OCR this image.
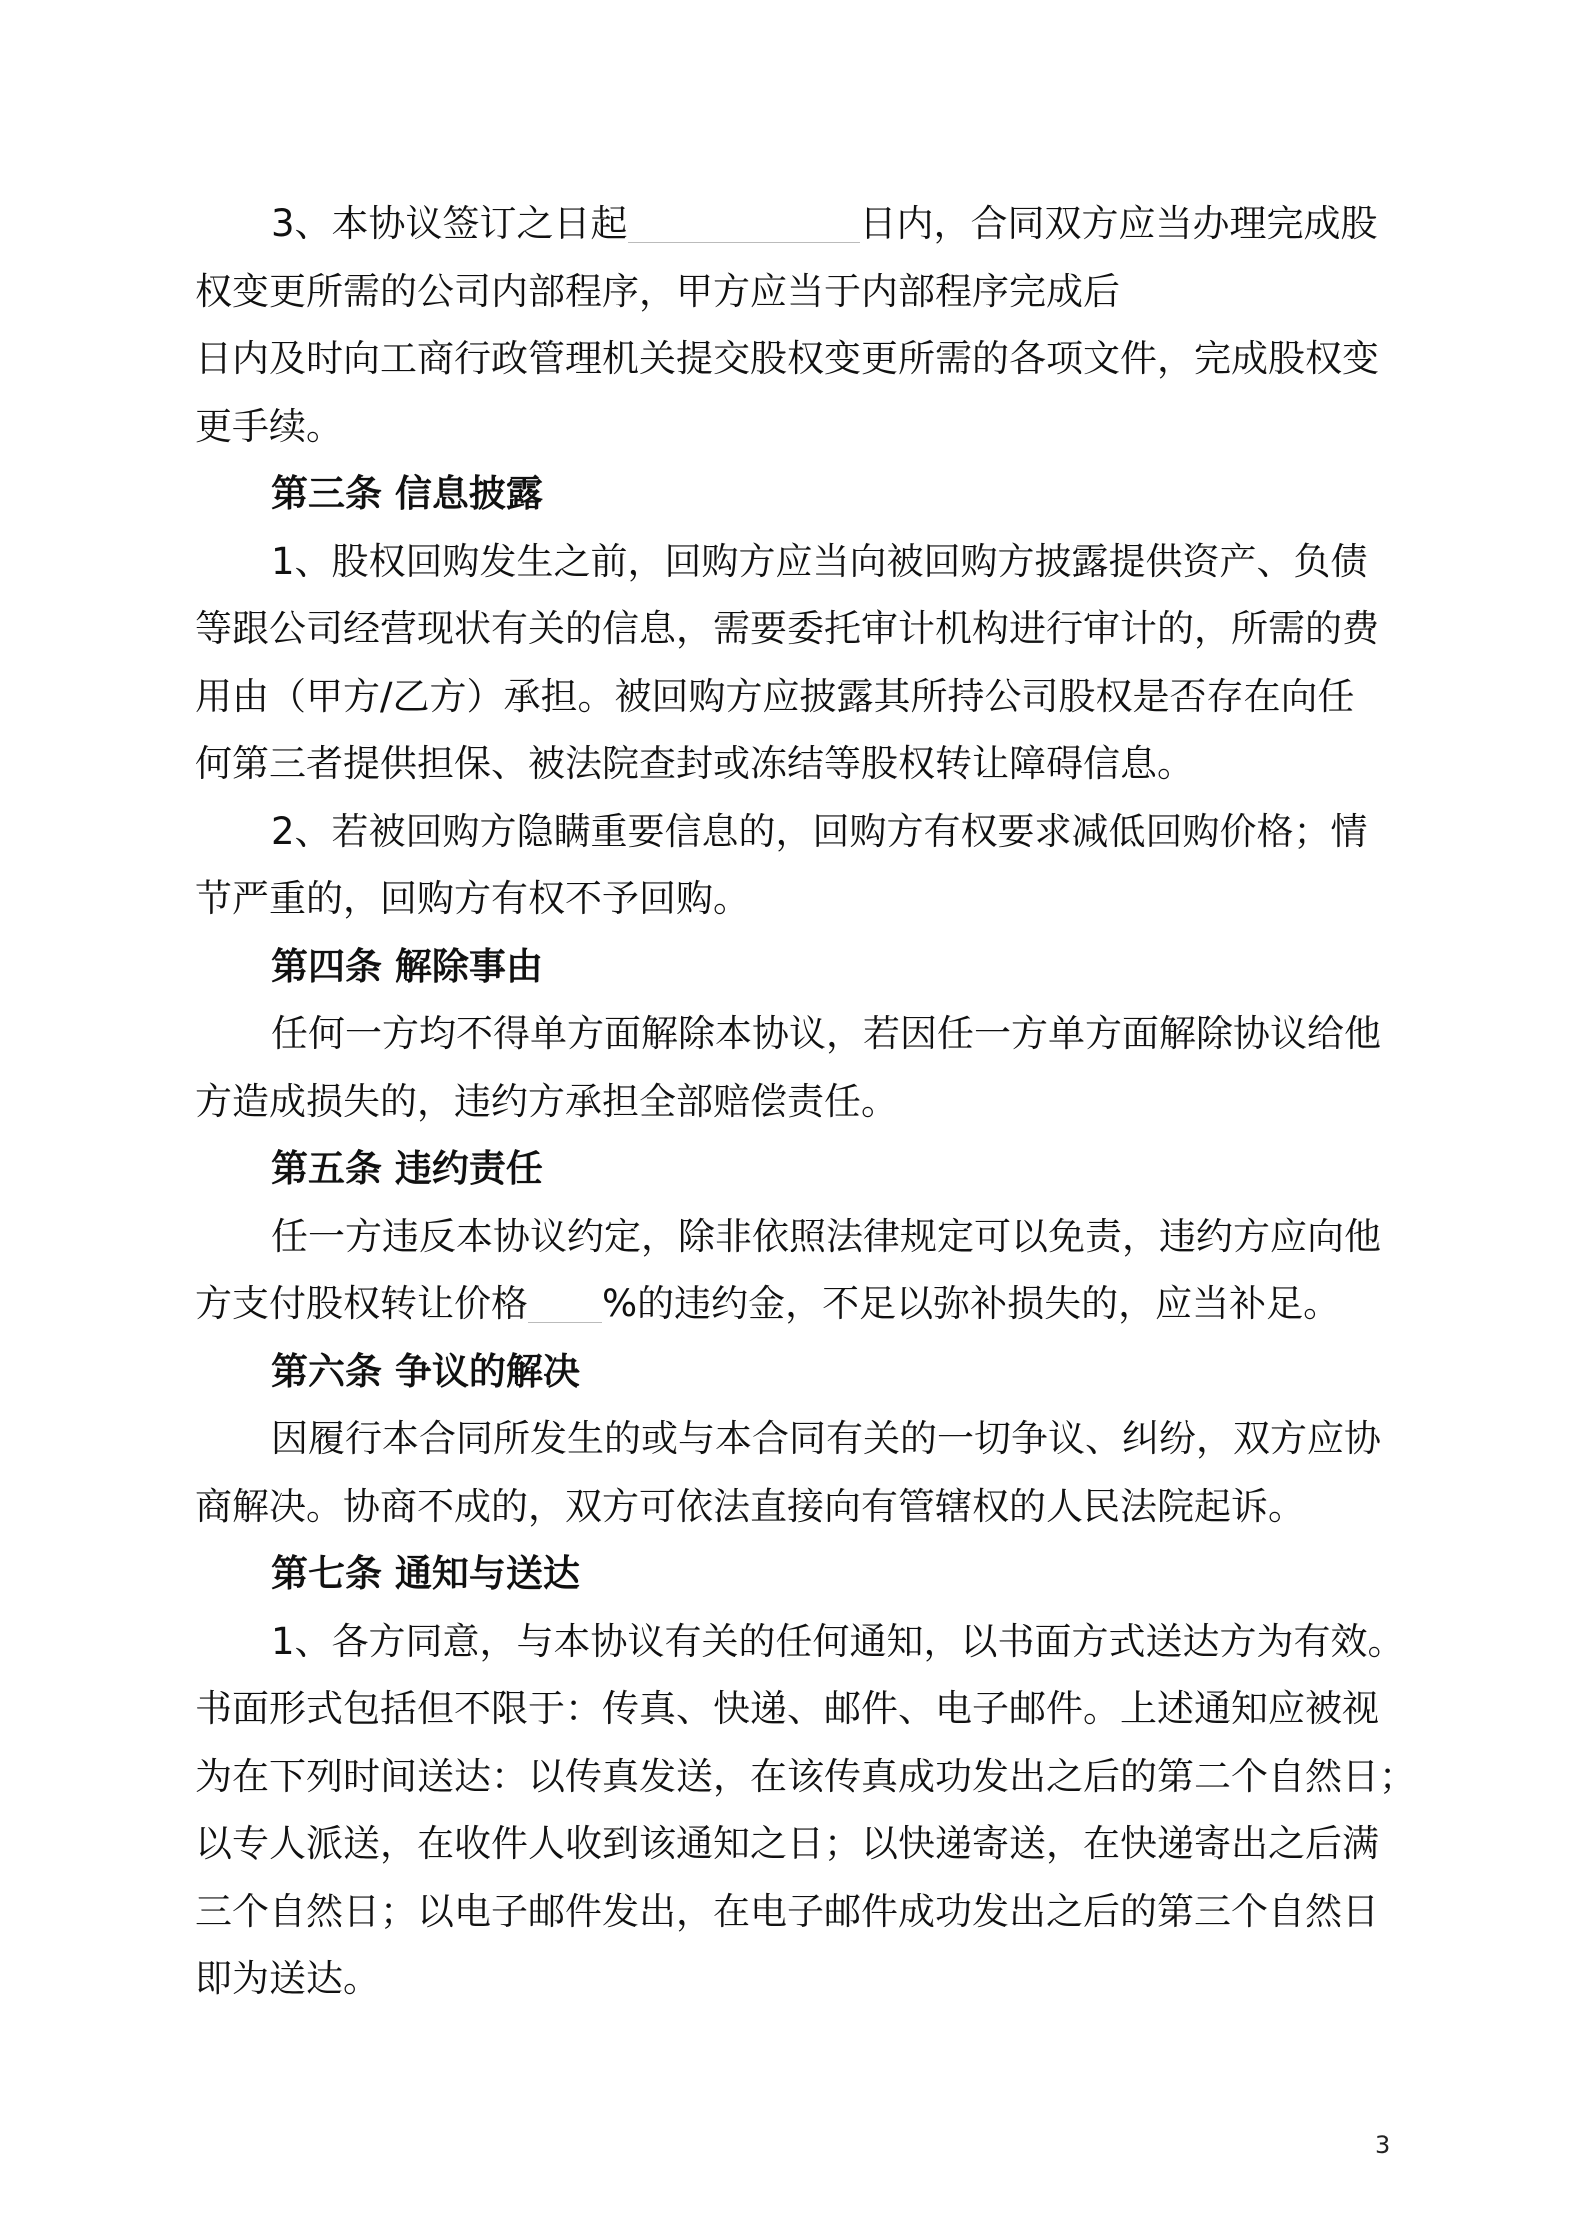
3、本协议签订之日起	日内，合同双方应当办理完成股
权变更所需的公司内部程序，甲方应当于内部程序完成后
日内及时向工商行政管理机关提交股权变更所需的各项文件，完成股权变
更手续。
第三条 信息披露
1、股权回购发生之前，回购方应当向被回购方披露提供资产、负债
等跟公司经营现状有关的信息，需要委托审计机构进行审计的，所需的费
用由（甲方/乙方）承担。被回购方应披露其所持公司股权是否存在向任
何第三者提供担保、被法院查封或冻结等股权转让障碍信息。
2、若被回购方隐瞒重要信息的，回购方有权要求减低回购价格；情
节严重的，回购方有权不予回购。
第四条 解除事由
任何一方均不得单方面解除本协议，若因任一方单方面解除协议给他
方造成损失的，违约方承担全部赔偿责任。
第五条 违约责任
任一方违反本协议约定，除非依照法律规定可以免责，违约方应向他
方支付股权转让价格 %的违约金，不足以弥补损失的，应当补足。
第六条 争议的解决
因履行本合同所发生的或与本合同有关的一切争议、纠纷，双方应协
商解决。协商不成的，双方可依法直接向有管辖权的人民法院起诉。
第七条 通知与送达
1、各方同意，与本协议有关的任何通知，以书面方式送达方为有效。
书面形式包括但不限于：传真、快递、邮件、电子邮件。上述通知应被视
为在下列时间送达：以传真发送，在该传真成功发出之后的第二个自然日；
以专人派送，在收件人收到该通知之日；以快递寄送，在快递寄出之后满
三个自然日；以电子邮件发出，在电子邮件成功发出之后的第三个自然日
即为送达。
3
